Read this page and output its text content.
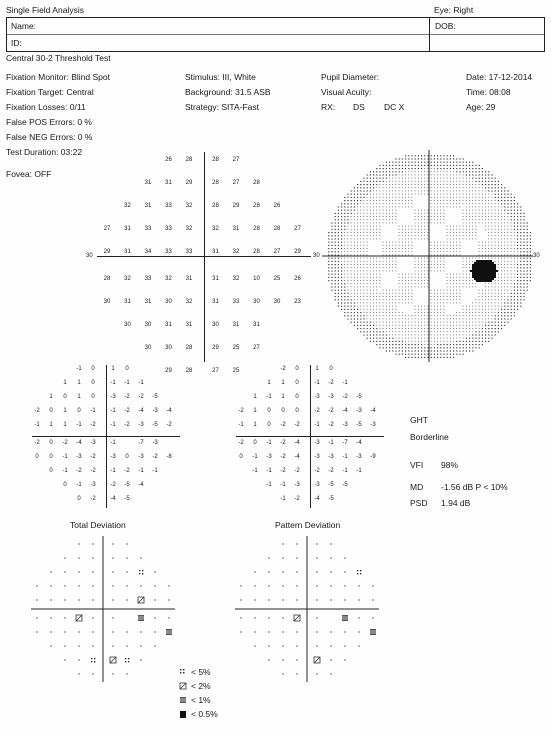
Single Field Analysis	Eye: Right
Name:
ID:
DOB:
Central 30-2 Threshold Test
Fixation Monitor: Blind Spot
Fixation Target: Central
Fixation Losses: 0/11
False POS Errors: 0 %
False NEG Errors: 0 %
Test Duration: 03:22
Fovea: OFF
Stimulus: III, White
Background: 31.5 ASB
Strategy: SITA-Fast
Pupil Diameter:
Visual Acuity:
RX: DS DC X
Date: 17-12-2014
Time: 08:08
Age: 29
26	28	28	27
31	31	29	28	27	28
32	31	33	32	28	29	28	26
27	31	33	33	32	32	31	28	28	27
29	31	34	33	33	31	32	28	27	29
28	32	33	32	31	31	32	10	25	26
30	31	31	30	32	31	33	30	30	23
30	30	31	31	30	31	31
30	30	28	29	25	27
29	28	27	25
30	30	30
-1	0	1	0
1	1	0	-1	-1	-1
1	0	1	0	-3	-2	-2	-5
-2	0	1	0	-1	-1	-2	-4	-3	-4
-1	1	1	-1	-2	-1	-2	-3	-5	-2
-2	0	-2	-4	-3	-1	-7	-3
0	0	-1	-3	-2	-3	0	-3	-2	-8
0	-1	-2	-2	-1	-2	-1	-1
0	-1	-3	-2	-5	-4
0	-2	-4	-5
-2	0	1	0
1	1	0	-1	-2	-1
1	-1	1	0	-3	-3	-2	-5
-2	1	0	0	0	-2	-2	-4	-3	-4
-1	1	0	-2	-2	-1	-2	-3	-5	-3
-2	0	-1	-2	-4	-3	-1	-7	-4
0	-1	-3	-2	-4	-3	-3	-1	-3	-9
-1	-1	-2	-2	-2	-2	-1	-1
-1	-1	-3	-3	-5	-5
-1	-2	-4	-5
GHT
Borderline
VFI 98%
MD -1.56 dB P < 10%
PSD 1.94 dB
Total Deviation	Pattern Deviation
< 5%
< 2%
< 1%
< 0.5%
